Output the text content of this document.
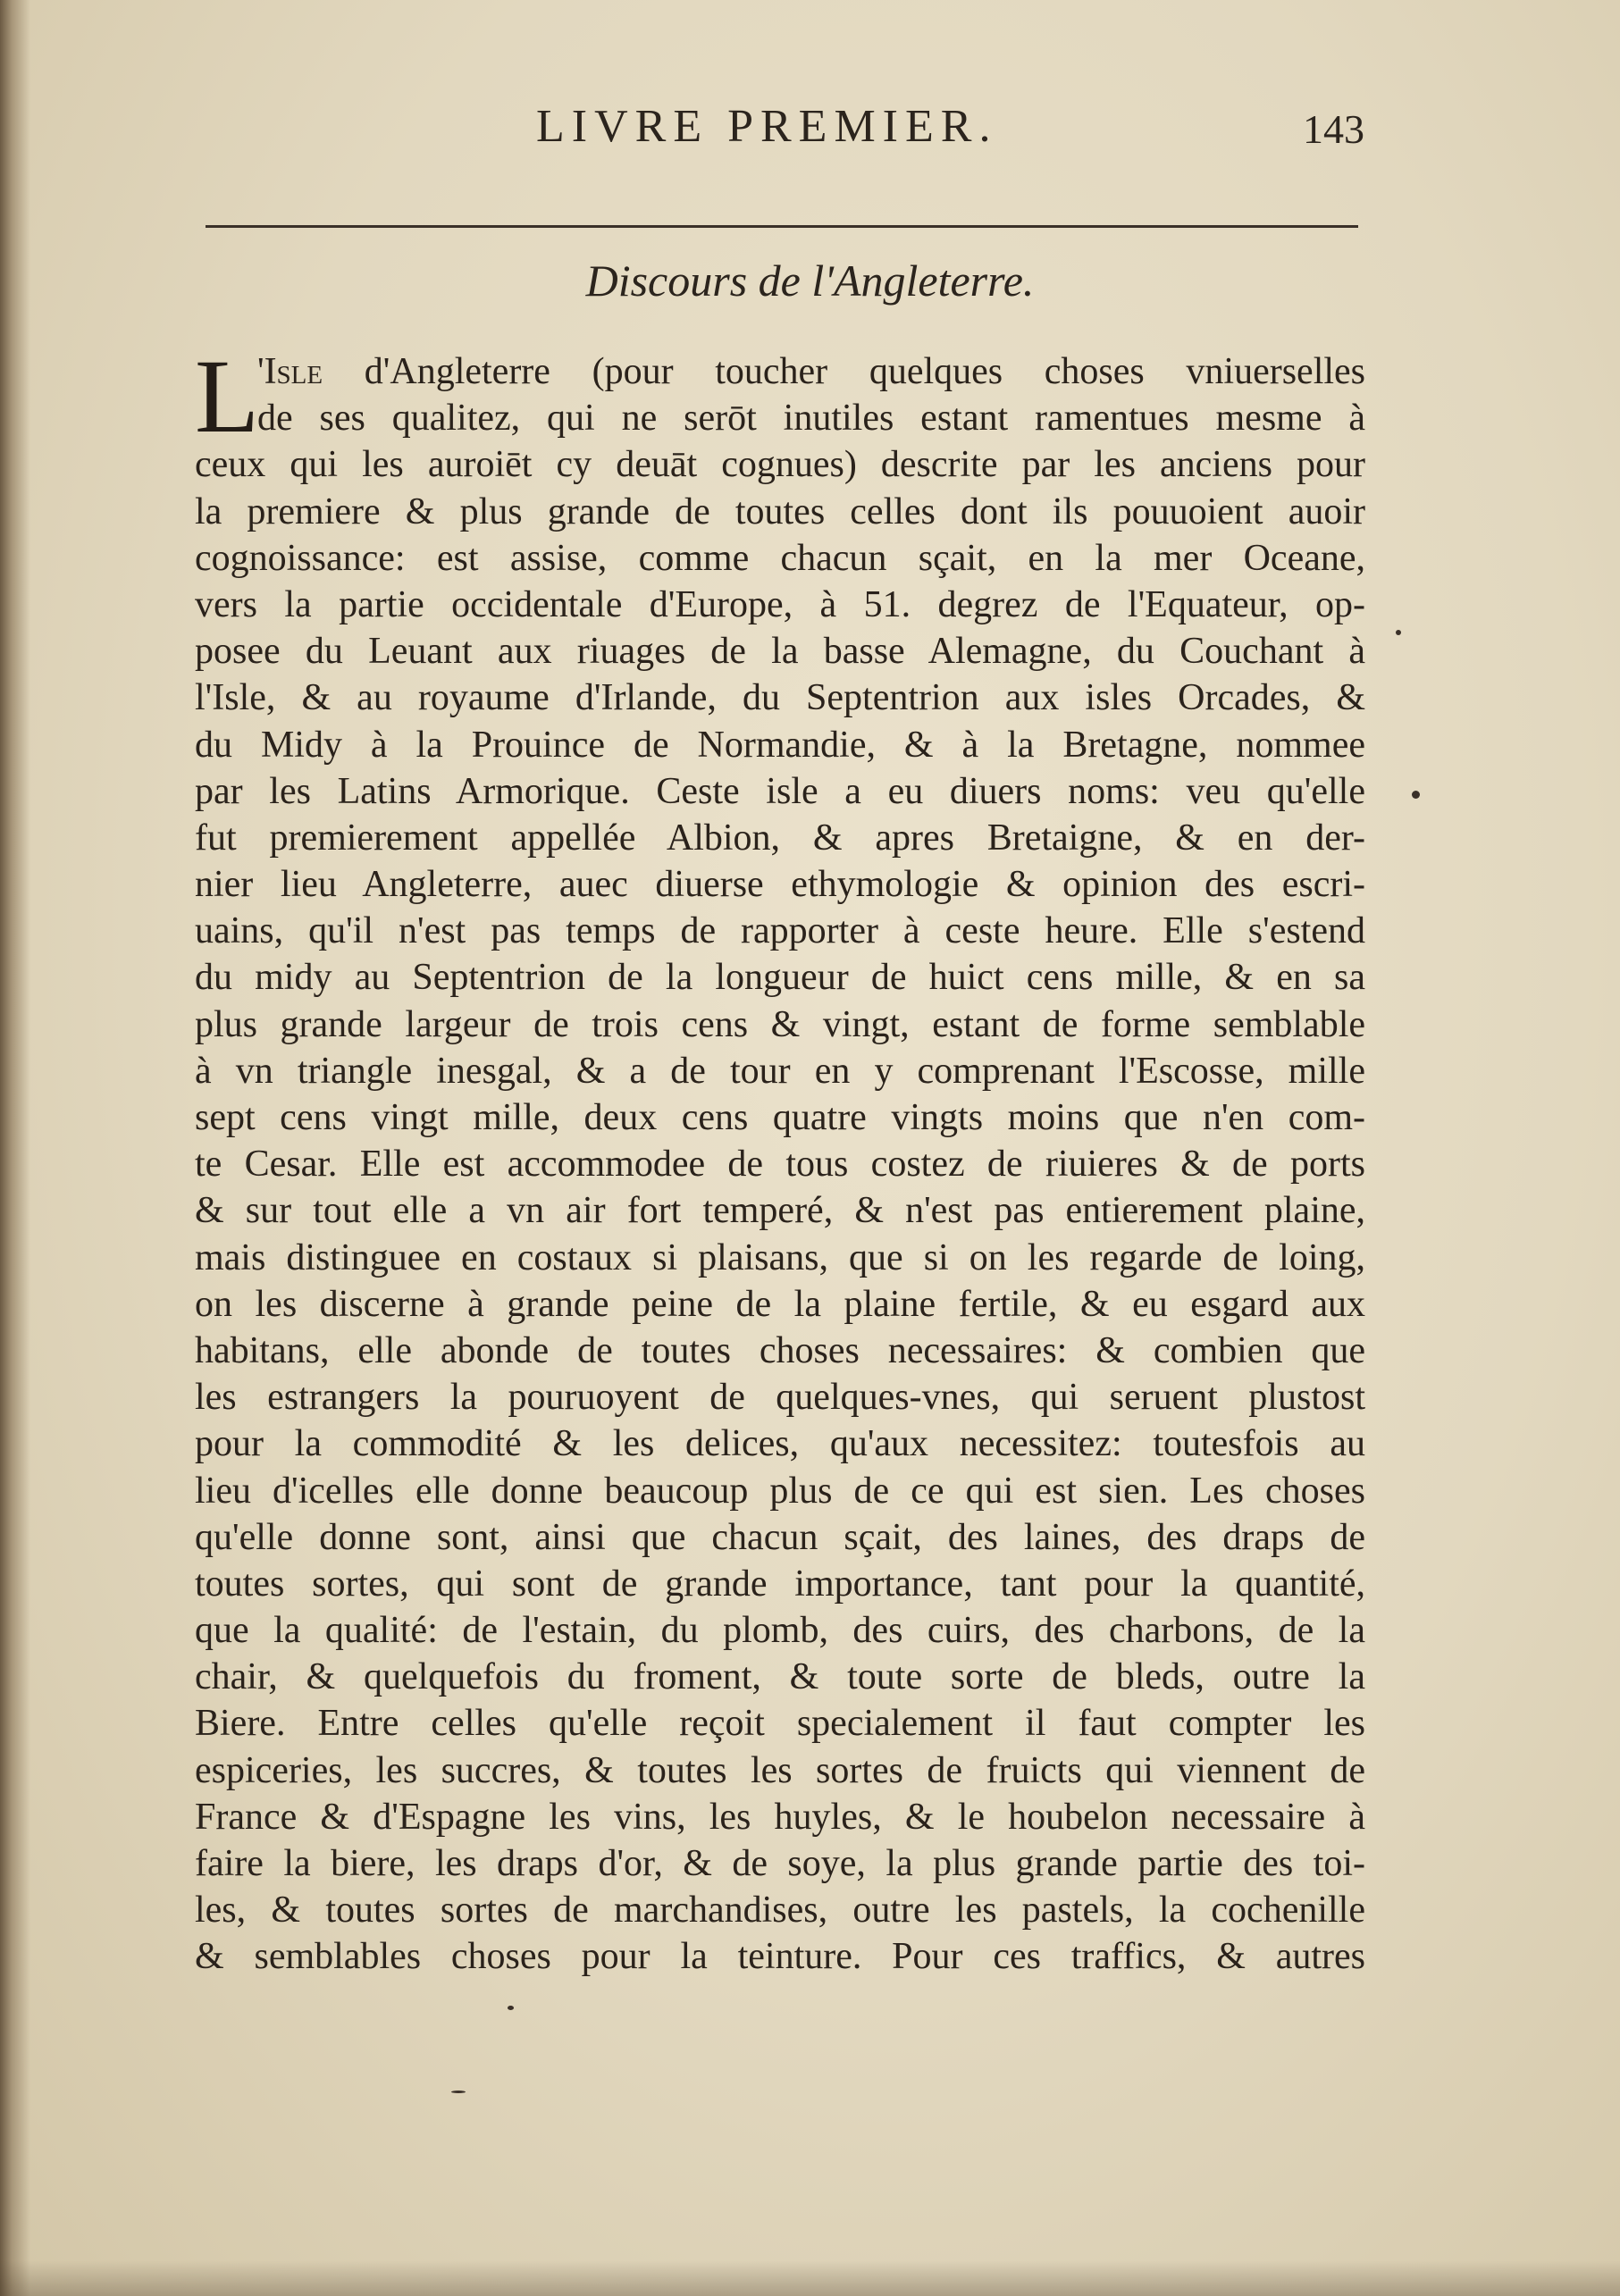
LIVRE PREMIER.	143
Discours de l'Angleterre.
L
'Isle d'Angleterre (pour toucher quelques choses vniuerselles
de ses qualitez, qui ne serōt inutiles estant ramentues mesme à
ceux qui les auroiēt cy deuāt cognues) descrite par les anciens pour
la premiere & plus grande de toutes celles dont ils pouuoient auoir
cognoissance: est assise, comme chacun sçait, en la mer Oceane,
vers la partie occidentale d'Europe, à 51. degrez de l'Equateur, op-
posee du Leuant aux riuages de la basse Alemagne, du Couchant à
l'Isle, & au royaume d'Irlande, du Septentrion aux isles Orcades, &
du Midy à la Prouince de Normandie, & à la Bretagne, nommee
par les Latins Armorique. Ceste isle a eu diuers noms: veu qu'elle
fut premierement appellée Albion, & apres Bretaigne, & en der-
nier lieu Angleterre, auec diuerse ethymologie & opinion des escri-
uains, qu'il n'est pas temps de rapporter à ceste heure. Elle s'estend
du midy au Septentrion de la longueur de huict cens mille, & en sa
plus grande largeur de trois cens & vingt, estant de forme semblable
à vn triangle inesgal, & a de tour en y comprenant l'Escosse, mille
sept cens vingt mille, deux cens quatre vingts moins que n'en com-
te Cesar. Elle est accommodee de tous costez de riuieres & de ports
& sur tout elle a vn air fort temperé, & n'est pas entierement plaine,
mais distinguee en costaux si plaisans, que si on les regarde de loing,
on les discerne à grande peine de la plaine fertile, & eu esgard aux
habitans, elle abonde de toutes choses necessaires: & combien que
les estrangers la pouruoyent de quelques-vnes, qui seruent plustost
pour la commodité & les delices, qu'aux necessitez: toutesfois au
lieu d'icelles elle donne beaucoup plus de ce qui est sien. Les choses
qu'elle donne sont, ainsi que chacun sçait, des laines, des draps de
toutes sortes, qui sont de grande importance, tant pour la quantité,
que la qualité: de l'estain, du plomb, des cuirs, des charbons, de la
chair, & quelquefois du froment, & toute sorte de bleds, outre la
Biere. Entre celles qu'elle reçoit specialement il faut compter les
espiceries, les succres, & toutes les sortes de fruicts qui viennent de
France & d'Espagne les vins, les huyles, & le houbelon necessaire à
faire la biere, les draps d'or, & de soye, la plus grande partie des toi-
les, & toutes sortes de marchandises, outre les pastels, la cochenille
& semblables choses pour la teinture. Pour ces traffics, & autres
